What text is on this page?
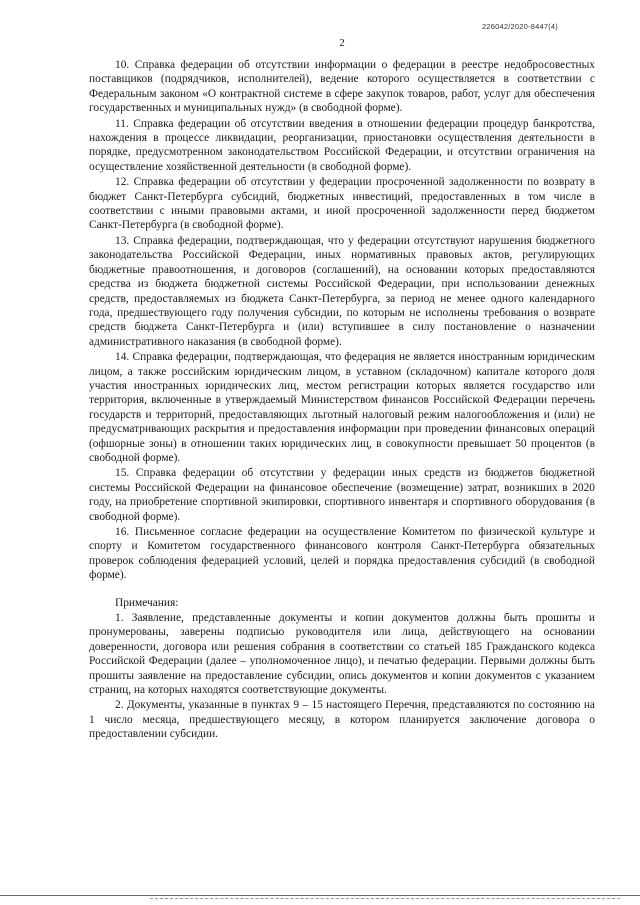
226042/2020-8447(4)
2

10. Справка федерации об отсутствии информации о федерации в реестре недобросовестных поставщиков (подрядчиков, исполнителей), ведение которого осуществляется в соответствии с Федеральным законом «О контрактной системе в сфере закупок товаров, работ, услуг для обеспечения государственных и муниципальных нужд» (в свободной форме).

11. Справка федерации об отсутствии введения в отношении федерации процедур банкротства, нахождения в процессе ликвидации, реорганизации, приостановки осуществления деятельности в порядке, предусмотренном законодательством Российской Федерации, и отсутствии ограничения на осуществление хозяйственной деятельности (в свободной форме).

12. Справка федерации об отсутствии у федерации просроченной задолженности по возврату в бюджет Санкт-Петербурга субсидий, бюджетных инвестиций, предоставленных в том числе в соответствии с иными правовыми актами, и иной просроченной задолженности перед бюджетом Санкт-Петербурга (в свободной форме).

13. Справка федерации, подтверждающая, что у федерации отсутствуют нарушения бюджетного законодательства Российской Федерации, иных нормативных правовых актов, регулирующих бюджетные правоотношения, и договоров (соглашений), на основании которых предоставляются средства из бюджета бюджетной системы Российской Федерации, при использовании денежных средств, предоставляемых из бюджета Санкт-Петербурга, за период не менее одного календарного года, предшествующего году получения субсидии, по которым не исполнены требования о возврате средств бюджета Санкт-Петербурга и (или) вступившее в силу постановление о назначении административного наказания (в свободной форме).

14. Справка федерации, подтверждающая, что федерация не является иностранным юридическим лицом, а также российским юридическим лицом, в уставном (складочном) капитале которого доля участия иностранных юридических лиц, местом регистрации которых является государство или территория, включенные в утверждаемый Министерством финансов Российской Федерации перечень государств и территорий, предоставляющих льготный налоговый режим налогообложения и (или) не предусматривающих раскрытия и предоставления информации при проведении финансовых операций (офшорные зоны) в отношении таких юридических лиц, в совокупности превышает 50 процентов (в свободной форме).

15. Справка федерации об отсутствии у федерации иных средств из бюджетов бюджетной системы Российской Федерации на финансовое обеспечение (возмещение) затрат, возникших в 2020 году, на приобретение спортивной экипировки, спортивного инвентаря и спортивного оборудования (в свободной форме).

16. Письменное согласие федерации на осуществление Комитетом по физической культуре и спорту и Комитетом государственного финансового контроля Санкт-Петербурга обязательных проверок соблюдения федерацией условий, целей и порядка предоставления субсидий (в свободной форме).

Примечания:

1. Заявление, представленные документы и копии документов должны быть прошиты и пронумерованы, заверены подписью руководителя или лица, действующего на основании доверенности, договора или решения собрания в соответствии со статьей 185 Гражданского кодекса Российской Федерации (далее – уполномоченное лицо), и печатью федерации. Первыми должны быть прошиты заявление на предоставление субсидии, опись документов и копии документов с указанием страниц, на которых находятся соответствующие документы.

2. Документы, указанные в пунктах 9 – 15 настоящего Перечня, представляются по состоянию на 1 число месяца, предшествующего месяцу, в котором планируется заключение договора о предоставлении субсидии.
